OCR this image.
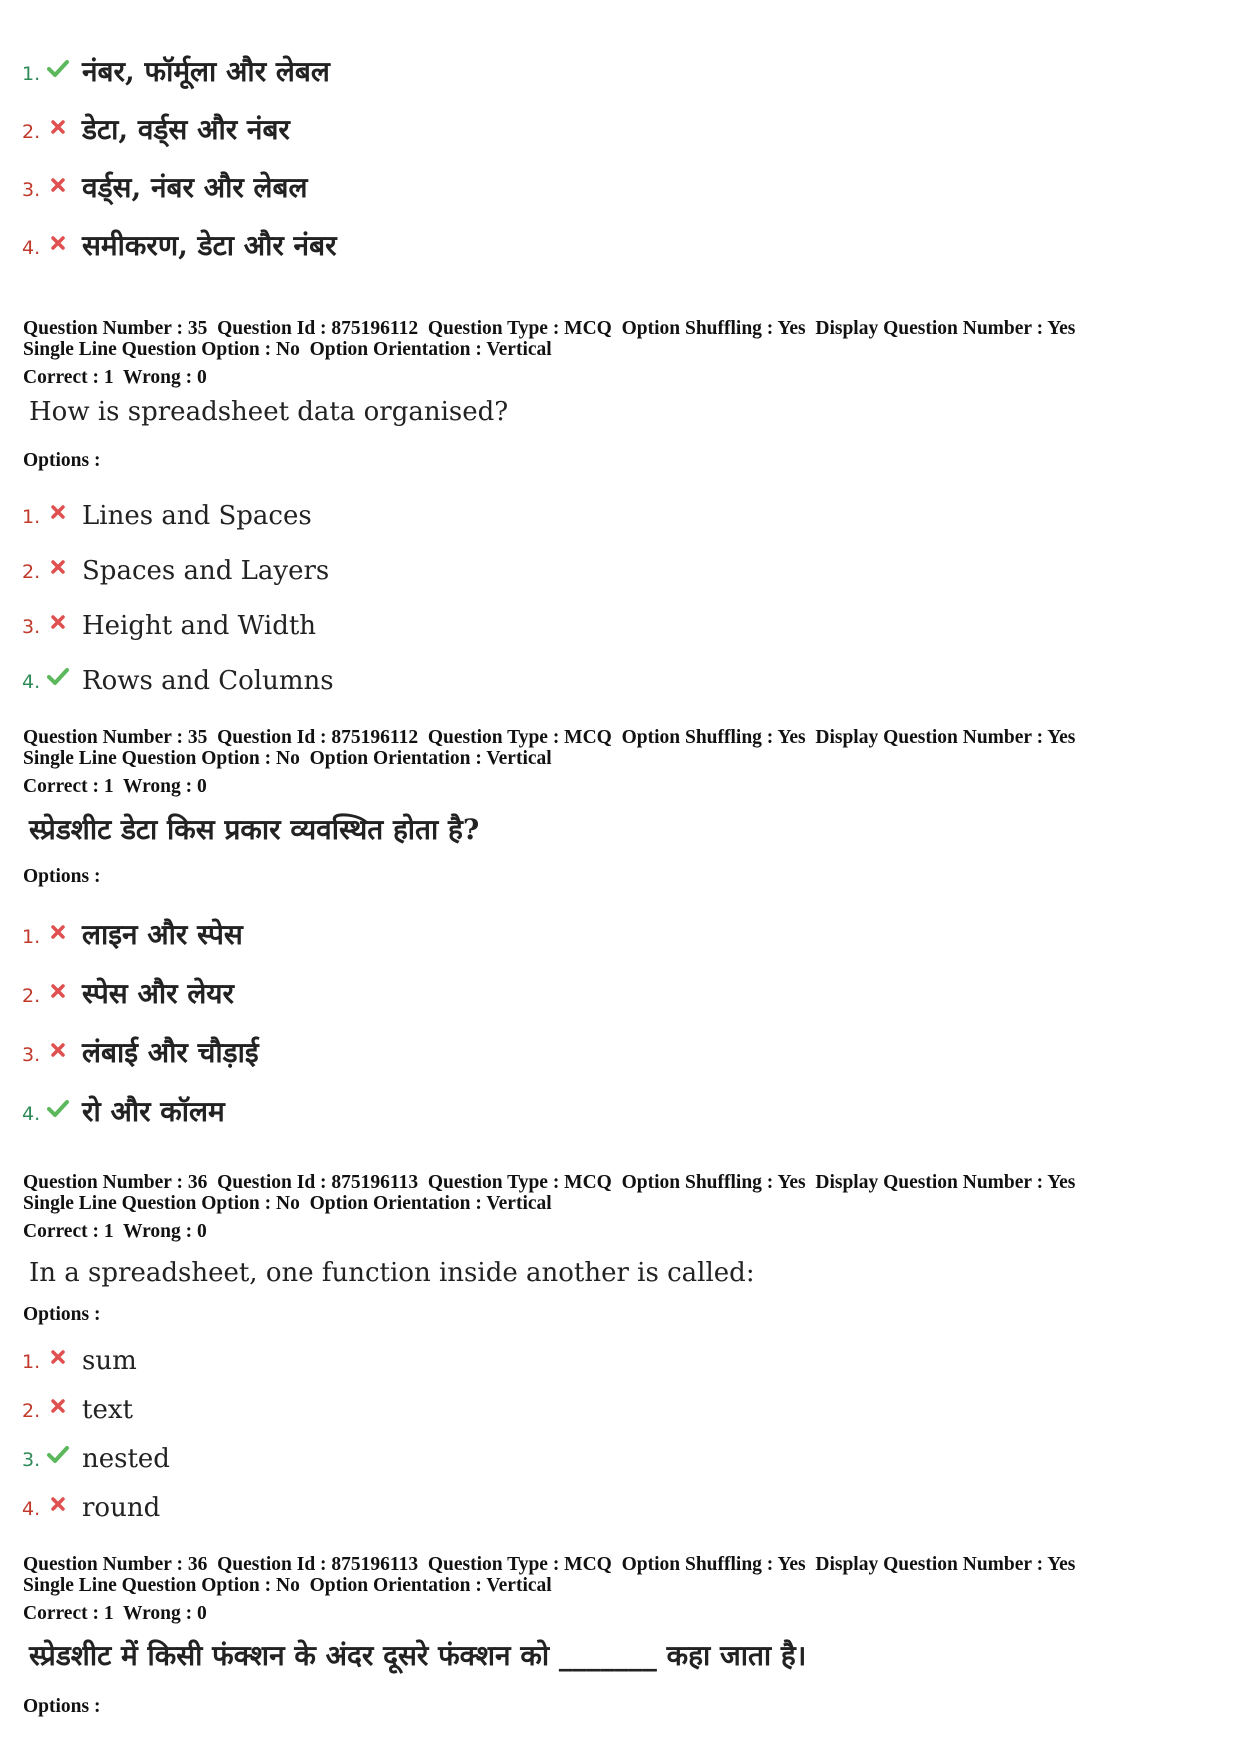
1. नंबर, फॉर्मूला और लेबल
2. डेटा, वर्ड्स और नंबर
3. वर्ड्स, नंबर और लेबल
4. समीकरण, डेटा और नंबर
Question Number : 35  Question Id : 875196112  Question Type : MCQ  Option Shuffling : Yes  Display Question Number : Yes
Single Line Question Option : No  Option Orientation : Vertical
Correct : 1  Wrong : 0
How is spreadsheet data organised?
Options :
1. Lines and Spaces
2. Spaces and Layers
3. Height and Width
4. Rows and Columns
Question Number : 35  Question Id : 875196112  Question Type : MCQ  Option Shuffling : Yes  Display Question Number : Yes
Single Line Question Option : No  Option Orientation : Vertical
Correct : 1  Wrong : 0
स्प्रेडशीट डेटा किस प्रकार व्यवस्थित होता है?
Options :
1. लाइन और स्पेस
2. स्पेस और लेयर
3. लंबाई और चौड़ाई
4. रो और कॉलम
Question Number : 36  Question Id : 875196113  Question Type : MCQ  Option Shuffling : Yes  Display Question Number : Yes
Single Line Question Option : No  Option Orientation : Vertical
Correct : 1  Wrong : 0
In a spreadsheet, one function inside another is called:
Options :
1. sum
2. text
3. nested
4. round
Question Number : 36  Question Id : 875196113  Question Type : MCQ  Option Shuffling : Yes  Display Question Number : Yes
Single Line Question Option : No  Option Orientation : Vertical
Correct : 1  Wrong : 0
स्प्रेडशीट में किसी फंक्शन के अंदर दूसरे फंक्शन को _______ कहा जाता है।
Options :
